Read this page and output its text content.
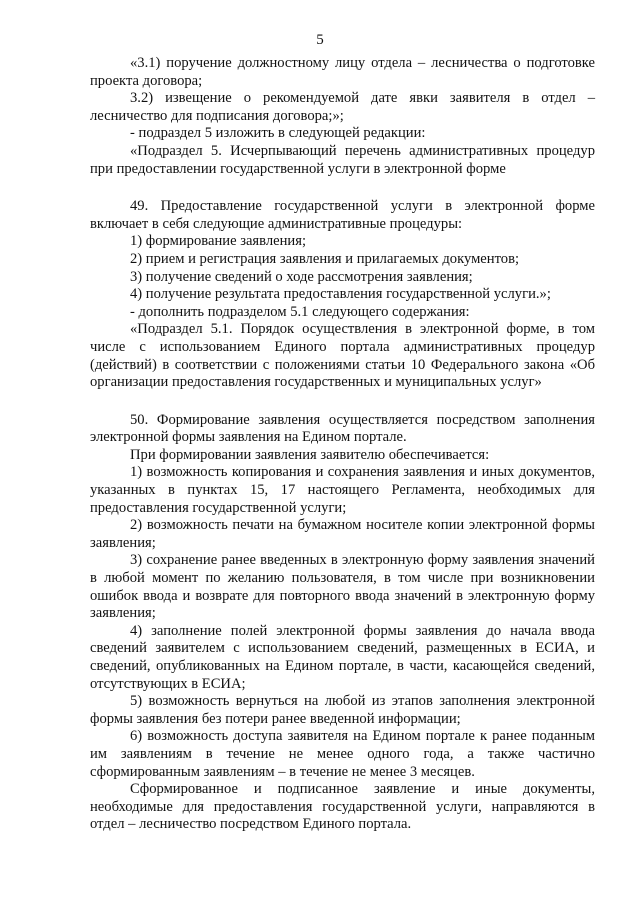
5

«3.1) поручение должностному лицу отдела – лесничества о подготовке проекта договора;

3.2) извещение о рекомендуемой дате явки заявителя в отдел – лесничество для подписания договора;»;

- подраздел 5 изложить в следующей редакции:

«Подраздел 5. Исчерпывающий перечень административных процедур при предоставлении государственной услуги в электронной форме

49. Предоставление государственной услуги в электронной форме включает в себя следующие административные процедуры:

1) формирование заявления;

2) прием и регистрация заявления и прилагаемых документов;

3) получение сведений о ходе рассмотрения заявления;

4) получение результата предоставления государственной услуги.»;

- дополнить подразделом 5.1 следующего содержания:

«Подраздел 5.1. Порядок осуществления в электронной форме, в том числе с использованием Единого портала административных процедур (действий) в соответствии с положениями статьи 10 Федерального закона «Об организации предоставления государственных и муниципальных услуг»

50. Формирование заявления осуществляется посредством заполнения электронной формы заявления на Едином портале.

При формировании заявления заявителю обеспечивается:

1) возможность копирования и сохранения заявления и иных документов, указанных в пунктах 15, 17 настоящего Регламента, необходимых для предоставления государственной услуги;

2) возможность печати на бумажном носителе копии электронной формы заявления;

3) сохранение ранее введенных в электронную форму заявления значений в любой момент по желанию пользователя, в том числе при возникновении ошибок ввода и возврате для повторного ввода значений в электронную форму заявления;

4) заполнение полей электронной формы заявления до начала ввода сведений заявителем с использованием сведений, размещенных в ЕСИА, и сведений, опубликованных на Едином портале, в части, касающейся сведений, отсутствующих в ЕСИА;

5) возможность вернуться на любой из этапов заполнения электронной формы заявления без потери ранее введенной информации;

6) возможность доступа заявителя на Едином портале к ранее поданным им заявлениям в течение не менее одного года, а также частично сформированным заявлениям – в течение не менее 3 месяцев.

Сформированное и подписанное заявление и иные документы, необходимые для предоставления государственной услуги, направляются в отдел – лесничество посредством Единого портала.
